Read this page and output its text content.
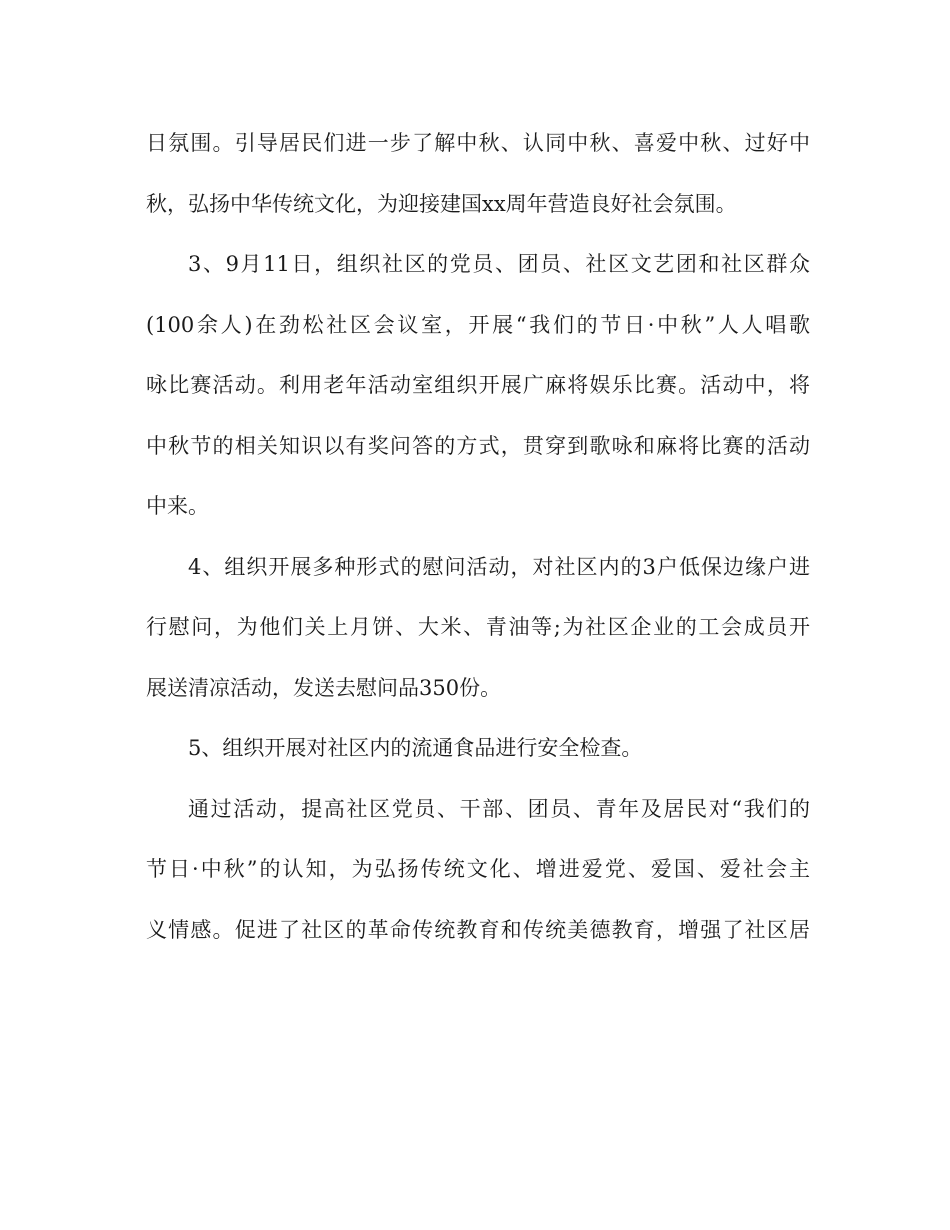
日氛围。引导居民们进一步了解中秋、认同中秋、喜爱中秋、过好中
秋，弘扬中华传统文化，为迎接建国xx周年营造良好社会氛围。
3、9月11日，组织社区的党员、团员、社区文艺团和社区群众
(100余人)在劲松社区会议室，开展“我们的节日·中秋”人人唱歌
咏比赛活动。利用老年活动室组织开展广麻将娱乐比赛。活动中，将
中秋节的相关知识以有奖问答的方式，贯穿到歌咏和麻将比赛的活动
中来。
4、组织开展多种形式的慰问活动，对社区内的3户低保边缘户进
行慰问，为他们关上月饼、大米、青油等;为社区企业的工会成员开
展送清凉活动，发送去慰问品350份。
5、组织开展对社区内的流通食品进行安全检查。
通过活动，提高社区党员、干部、团员、青年及居民对“我们的
节日·中秋”的认知，为弘扬传统文化、增进爱党、爱国、爱社会主
义情感。促进了社区的革命传统教育和传统美德教育，增强了社区居
